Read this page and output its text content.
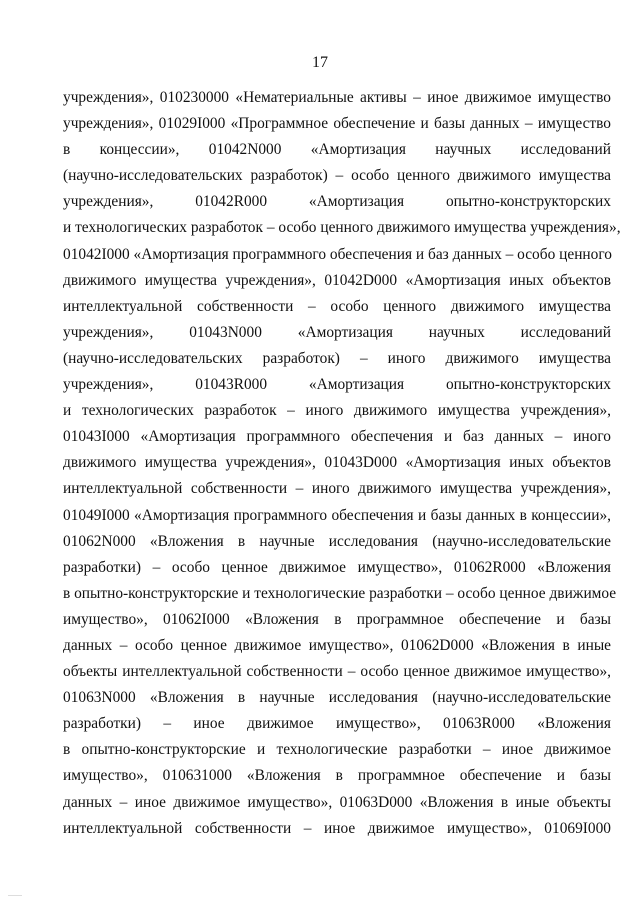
17
учреждения», 010230000 «Нематериальные активы – иное движимое имущество
учреждения», 01029I000 «Программное обеспечение и базы данных – имущество
в концессии», 01042N000 «Амортизация научных исследований
(научно-исследовательских разработок) – особо ценного движимого имущества
учреждения», 01042R000 «Амортизация опытно-конструкторских
и технологических разработок – особо ценного движимого имущества учреждения»,
01042I000 «Амортизация программного обеспечения и баз данных – особо ценного
движимого имущества учреждения», 01042D000 «Амортизация иных объектов
интеллектуальной собственности – особо ценного движимого имущества
учреждения», 01043N000 «Амортизация научных исследований
(научно-исследовательских разработок) – иного движимого имущества
учреждения», 01043R000 «Амортизация опытно-конструкторских
и технологических разработок – иного движимого имущества учреждения»,
01043I000 «Амортизация программного обеспечения и баз данных – иного
движимого имущества учреждения», 01043D000 «Амортизация иных объектов
интеллектуальной собственности – иного движимого имущества учреждения»,
01049I000 «Амортизация программного обеспечения и базы данных в концессии»,
01062N000 «Вложения в научные исследования (научно-исследовательские
разработки) – особо ценное движимое имущество», 01062R000 «Вложения
в опытно-конструкторские и технологические разработки – особо ценное движимое
имущество», 01062I000 «Вложения в программное обеспечение и базы
данных – особо ценное движимое имущество», 01062D000 «Вложения в иные
объекты интеллектуальной собственности – особо ценное движимое имущество»,
01063N000 «Вложения в научные исследования (научно-исследовательские
разработки) – иное движимое имущество», 01063R000 «Вложения
в опытно-конструкторские и технологические разработки – иное движимое
имущество», 010631000 «Вложения в программное обеспечение и базы
данных – иное движимое имущество», 01063D000 «Вложения в иные объекты
интеллектуальной собственности – иное движимое имущество», 01069I000
